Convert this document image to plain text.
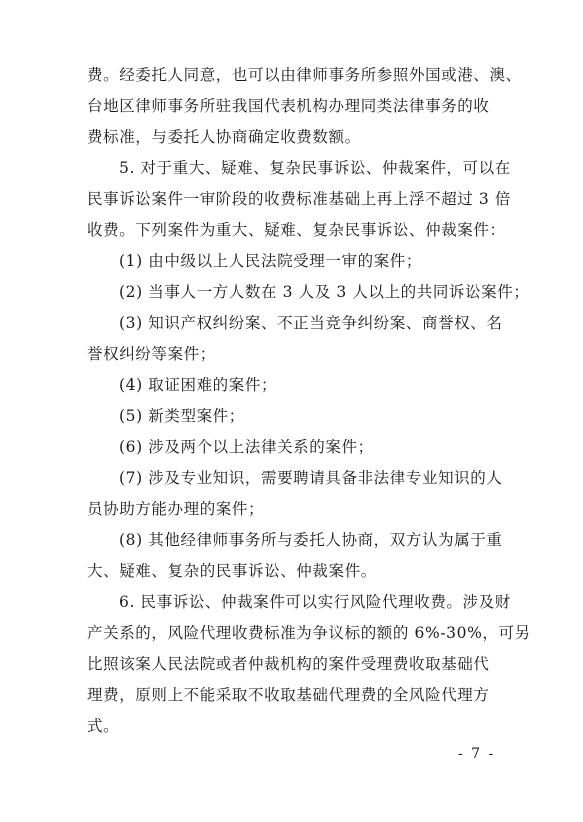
费。经委托人同意，也可以由律师事务所参照外国或港、澳、
台地区律师事务所驻我国代表机构办理同类法律事务的收
费标准，与委托人协商确定收费数额。
5. 对于重大、疑难、复杂民事诉讼、仲裁案件，可以在
民事诉讼案件一审阶段的收费标准基础上再上浮不超过 3 倍
收费。下列案件为重大、疑难、复杂民事诉讼、仲裁案件：
(1) 由中级以上人民法院受理一审的案件；
(2) 当事人一方人数在 3 人及 3 人以上的共同诉讼案件；
(3) 知识产权纠纷案、不正当竞争纠纷案、商誉权、名
誉权纠纷等案件；
(4) 取证困难的案件；
(5) 新类型案件；
(6) 涉及两个以上法律关系的案件；
(7) 涉及专业知识，需要聘请具备非法律专业知识的人
员协助方能办理的案件；
(8) 其他经律师事务所与委托人协商，双方认为属于重
大、疑难、复杂的民事诉讼、仲裁案件。
6. 民事诉讼、仲裁案件可以实行风险代理收费。涉及财
产关系的，风险代理收费标准为争议标的额的 6%-30%，可另
比照该案人民法院或者仲裁机构的案件受理费收取基础代
理费，原则上不能采取不收取基础代理费的全风险代理方
式。
- 7 -
